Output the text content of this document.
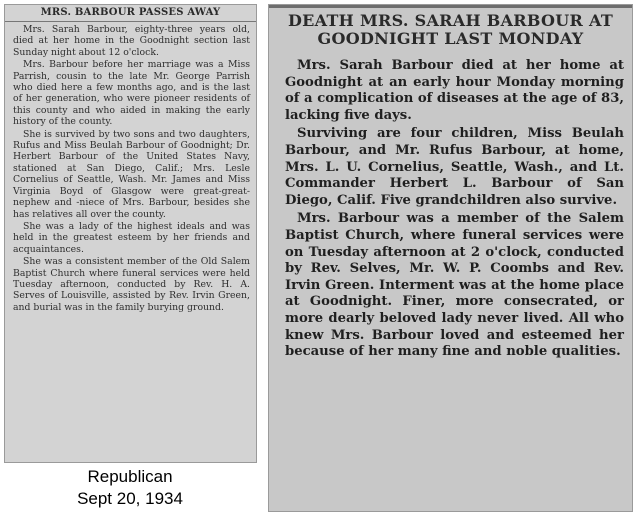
MRS. BARBOUR PASSES AWAY

Mrs. Sarah Barbour, eighty-three years old, died at her home in the Goodnight section last Sunday night about 12 o'clock.

Mrs. Barbour before her marriage was a Miss Parrish, cousin to the late Mr. George Parrish who died here a few months ago, and is the last of her generation, who were pioneer residents of this county and who aided in making the early history of the county.

She is survived by two sons and two daughters, Rufus and Miss Beulah Barbour of Goodnight; Dr. Herbert Barbour of the United States Navy, stationed at San Diego, Calif.; Mrs. Lesle Cornelius of Seattle, Wash. Mr. James and Miss Virginia Boyd of Glasgow were great-great-nephew and -niece of Mrs. Barbour, besides she has relatives all over the county.

She was a lady of the highest ideals and was held in the greatest esteem by her friends and acquaintances.

She was a consistent member of the Old Salem Baptist Church where funeral services were held Tuesday afternoon, conducted by Rev. H. A. Serves of Louisville, assisted by Rev. Irvin Green, and burial was in the family burying ground.

DEATH MRS. SARAH BARBOUR AT GOODNIGHT LAST MONDAY

Mrs. Sarah Barbour died at her home at Goodnight at an early hour Monday morning of a complication of diseases at the age of 83, lacking five days.

Surviving are four children, Miss Beulah Barbour, and Mr. Rufus Barbour, at home, Mrs. L. U. Cornelius, Seattle, Wash., and Lt. Commander Herbert L. Barbour of San Diego, Calif. Five grandchildren also survive.

Mrs. Barbour was a member of the Salem Baptist Church, where funeral services were on Tuesday afternoon at 2 o'clock, conducted by Rev. Selves, Mr. W. P. Coombs and Rev. Irvin Green. Interment was at the home place at Goodnight. Finer, more consecrated, or more dearly beloved lady never lived. All who knew Mrs. Barbour loved and esteemed her because of her many fine and noble qualities.

Republican
Sept 20, 1934
